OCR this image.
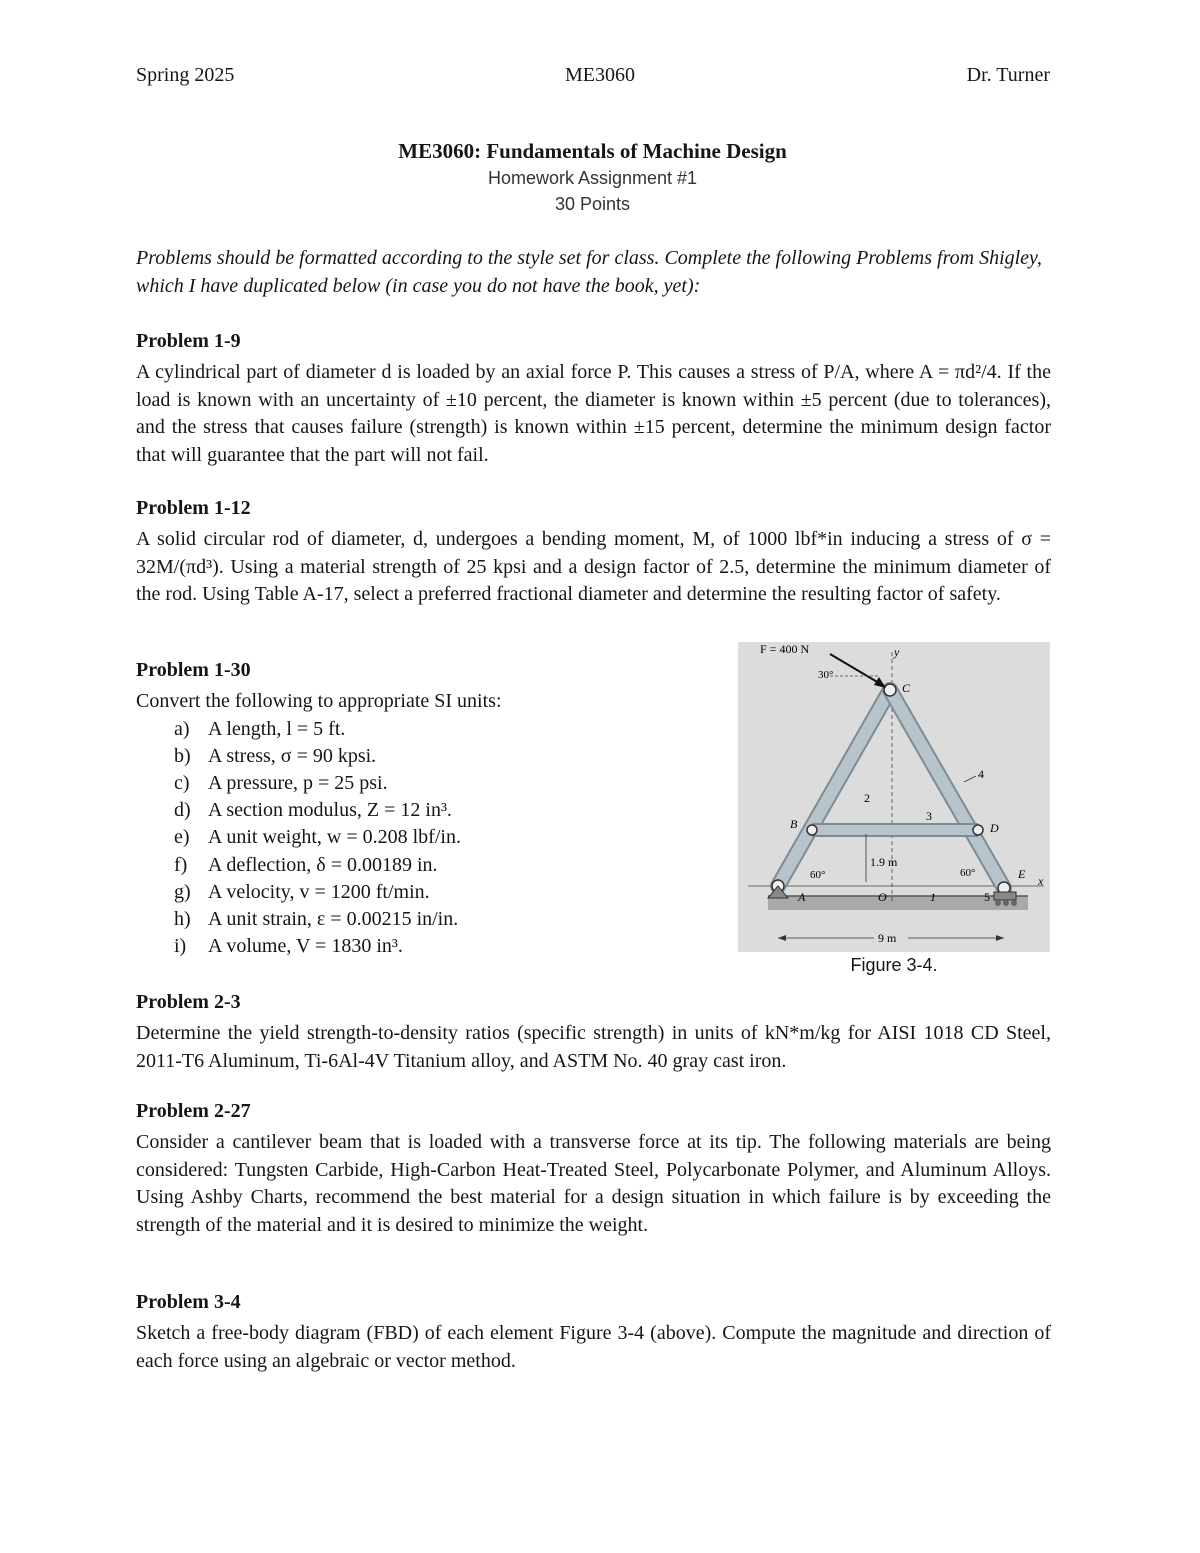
Spring 2025	ME3060	Dr. Turner
ME3060: Fundamentals of Machine Design
Homework Assignment #1
30 Points
Problems should be formatted according to the style set for class. Complete the following Problems from Shigley, which I have duplicated below (in case you do not have the book, yet):
Problem 1-9

A cylindrical part of diameter d is loaded by an axial force P. This causes a stress of P/A, where A = πd²/4. If the load is known with an uncertainty of ±10 percent, the diameter is known within ±5 percent (due to tolerances), and the stress that causes failure (strength) is known within ±15 percent, determine the minimum design factor that will guarantee that the part will not fail.

Problem 1-12

A solid circular rod of diameter, d, undergoes a bending moment, M, of 1000 lbf*in inducing a stress of σ = 32M/(πd³). Using a material strength of 25 kpsi and a design factor of 2.5, determine the minimum diameter of the rod. Using Table A-17, select a preferred fractional diameter and determine the resulting factor of safety.

Problem 1-30

Convert the following to appropriate SI units:

a) A length, l = 5 ft.
b) A stress, σ = 90 kpsi.
c) A pressure, p = 25 psi.
d) A section modulus, Z = 12 in³.
e) A unit weight, w = 0.208 lbf/in.
f) A deflection, δ = 0.00189 in.
g) A velocity, v = 1200 ft/min.
h) A unit strain, ε = 0.00215 in/in.
i) A volume, V = 1830 in³.
x
y
F = 400 N
30°
C
B	D
E
A	O	1
2
3
4
5
1.9 m
60°	60°
9 m
Figure 3-4.
Problem 2-3

Determine the yield strength-to-density ratios (specific strength) in units of kN*m/kg for AISI 1018 CD Steel, 2011-T6 Aluminum, Ti-6Al-4V Titanium alloy, and ASTM No. 40 gray cast iron.

Problem 2-27

Consider a cantilever beam that is loaded with a transverse force at its tip. The following materials are being considered: Tungsten Carbide, High-Carbon Heat-Treated Steel, Polycarbonate Polymer, and Aluminum Alloys. Using Ashby Charts, recommend the best material for a design situation in which failure is by exceeding the strength of the material and it is desired to minimize the weight.

Problem 3-4

Sketch a free-body diagram (FBD) of each element Figure 3-4 (above). Compute the magnitude and direction of each force using an algebraic or vector method.
